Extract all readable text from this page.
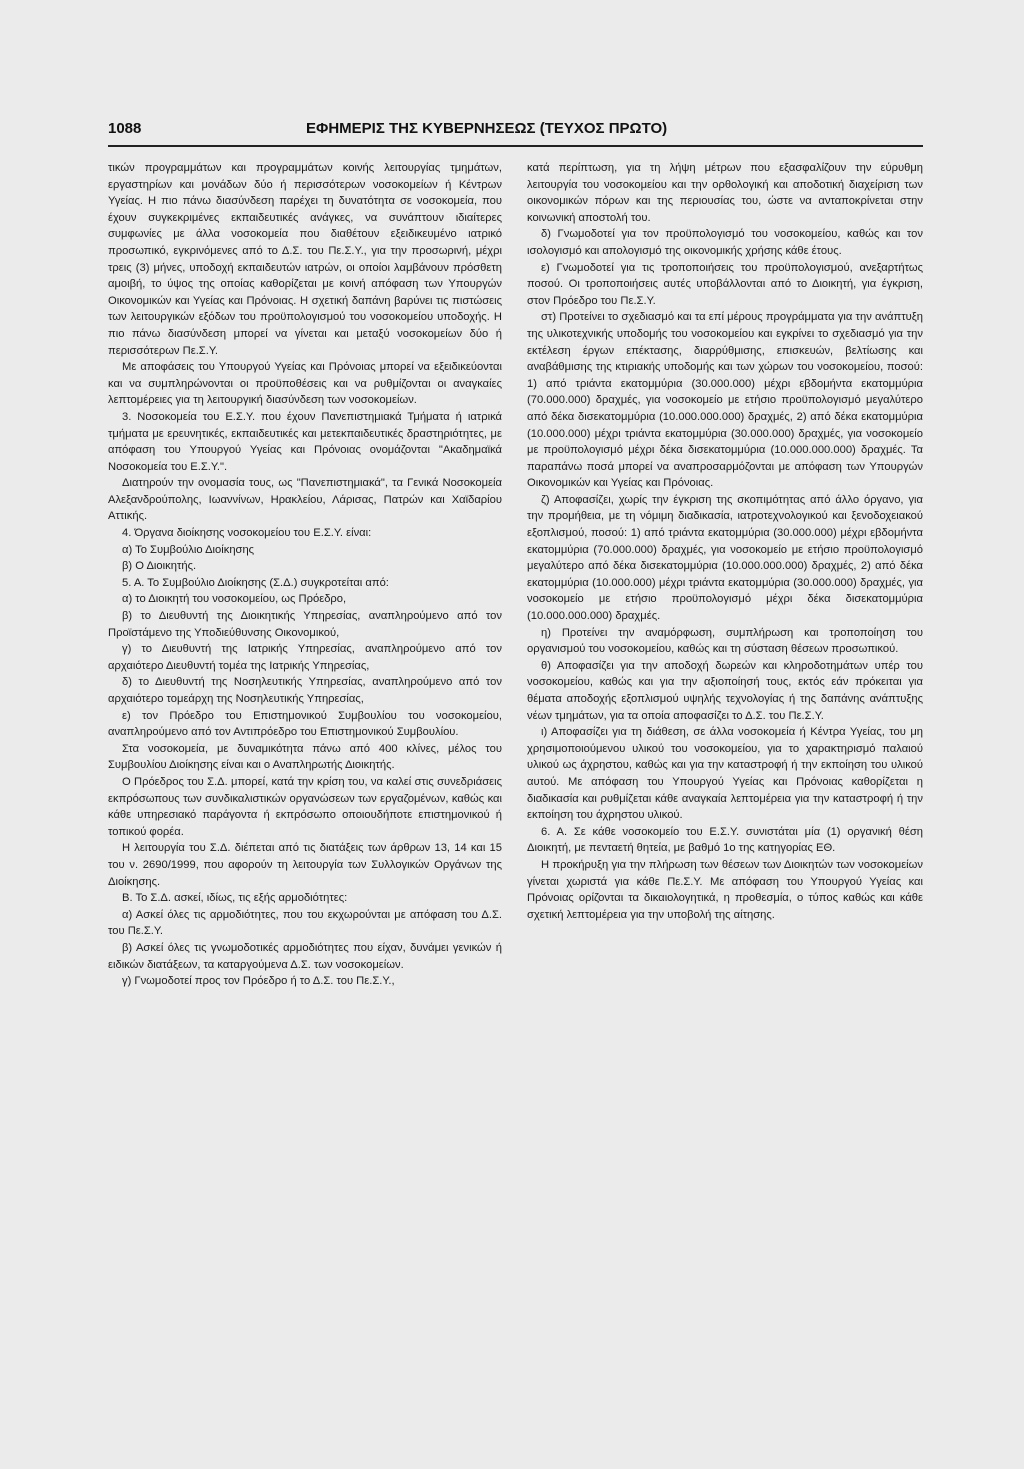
1088	ΕΦΗΜΕΡΙΣ ΤΗΣ ΚΥΒΕΡΝΗΣΕΩΣ (ΤΕΥΧΟΣ ΠΡΩΤΟ)

τικών προγραμμάτων και προγραμμάτων κοινής λειτουργίας τμημάτων, εργαστηρίων και μονάδων δύο ή περισσότερων νοσοκομείων ή Κέντρων Υγείας. Η πιο πάνω διασύνδεση παρέχει τη δυνατότητα σε νοσοκομεία, που έχουν συγκεκριμένες εκπαιδευτικές ανάγκες, να συνάπτουν ιδιαίτερες συμφωνίες με άλλα νοσοκομεία που διαθέτουν εξειδικευμένο ιατρικό προσωπικό, εγκρινόμενες από το Δ.Σ. του Πε.Σ.Υ., για την προσωρινή, μέχρι τρεις (3) μήνες, υποδοχή εκπαιδευτών ιατρών, οι οποίοι λαμβάνουν πρόσθετη αμοιβή, το ύψος της οποίας καθορίζεται με κοινή απόφαση των Υπουργών Οικονομικών και Υγείας και Πρόνοιας. Η σχετική δαπάνη βαρύνει τις πιστώσεις των λειτουργικών εξόδων του προϋπολογισμού του νοσοκομείου υποδοχής. Η πιο πάνω διασύνδεση μπορεί να γίνεται και μεταξύ νοσοκομείων δύο ή περισσότερων Πε.Σ.Υ.

Με αποφάσεις του Υπουργού Υγείας και Πρόνοιας μπορεί να εξειδικεύονται και να συμπληρώνονται οι προϋποθέσεις και να ρυθμίζονται οι αναγκαίες λεπτομέρειες για τη λειτουργική διασύνδεση των νοσοκομείων.

3. Νοσοκομεία του Ε.Σ.Υ. που έχουν Πανεπιστημιακά Τμήματα ή ιατρικά τμήματα με ερευνητικές, εκπαιδευτικές και μετεκπαιδευτικές δραστηριότητες, με απόφαση του Υπουργού Υγείας και Πρόνοιας ονομάζονται "Ακαδημαϊκά Νοσοκομεία του Ε.Σ.Υ.".

Διατηρούν την ονομασία τους, ως "Πανεπιστημιακά", τα Γενικά Νοσοκομεία Αλεξανδρούπολης, Ιωαννίνων, Ηρακλείου, Λάρισας, Πατρών και Χαϊδαρίου Αττικής.

4. Όργανα διοίκησης νοσοκομείου του Ε.Σ.Υ. είναι:

α) Το Συμβούλιο Διοίκησης

β) Ο Διοικητής.

5. Α. Το Συμβούλιο Διοίκησης (Σ.Δ.) συγκροτείται από:

α) το Διοικητή του νοσοκομείου, ως Πρόεδρο,

β) το Διευθυντή της Διοικητικής Υπηρεσίας, αναπληρούμενο από τον Προϊστάμενο της Υποδιεύθυνσης Οικονομικού,

γ) το Διευθυντή της Ιατρικής Υπηρεσίας, αναπληρούμενο από τον αρχαιότερο Διευθυντή τομέα της Ιατρικής Υπηρεσίας,

δ) το Διευθυντή της Νοσηλευτικής Υπηρεσίας, αναπληρούμενο από τον αρχαιότερο τομεάρχη της Νοσηλευτικής Υπηρεσίας,

ε) τον Πρόεδρο του Επιστημονικού Συμβουλίου του νοσοκομείου, αναπληρούμενο από τον Αντιπρόεδρο του Επιστημονικού Συμβουλίου.

Στα νοσοκομεία, με δυναμικότητα πάνω από 400 κλίνες, μέλος του Συμβουλίου Διοίκησης είναι και ο Αναπληρωτής Διοικητής.

Ο Πρόεδρος του Σ.Δ. μπορεί, κατά την κρίση του, να καλεί στις συνεδριάσεις εκπρόσωπους των συνδικαλιστικών οργανώσεων των εργαζομένων, καθώς και κάθε υπηρεσιακό παράγοντα ή εκπρόσωπο οποιουδήποτε επιστημονικού ή τοπικού φορέα.

Η λειτουργία του Σ.Δ. διέπεται από τις διατάξεις των άρθρων 13, 14 και 15 του ν. 2690/1999, που αφορούν τη λειτουργία των Συλλογικών Οργάνων της Διοίκησης.

Β. Το Σ.Δ. ασκεί, ιδίως, τις εξής αρμοδιότητες:

α) Ασκεί όλες τις αρμοδιότητες, που του εκχωρούνται με απόφαση του Δ.Σ. του Πε.Σ.Υ.

β) Ασκεί όλες τις γνωμοδοτικές αρμοδιότητες που είχαν, δυνάμει γενικών ή ειδικών διατάξεων, τα καταργούμενα Δ.Σ. των νοσοκομείων.

γ) Γνωμοδοτεί προς τον Πρόεδρο ή το Δ.Σ. του Πε.Σ.Υ.,

κατά περίπτωση, για τη λήψη μέτρων που εξασφαλίζουν την εύρυθμη λειτουργία του νοσοκομείου και την ορθολογική και αποδοτική διαχείριση των οικονομικών πόρων και της περιουσίας του, ώστε να ανταποκρίνεται στην κοινωνική αποστολή του.

δ) Γνωμοδοτεί για τον προϋπολογισμό του νοσοκομείου, καθώς και τον ισολογισμό και απολογισμό της οικονομικής χρήσης κάθε έτους.

ε) Γνωμοδοτεί για τις τροποποιήσεις του προϋπολογισμού, ανεξαρτήτως ποσού. Οι τροποποιήσεις αυτές υποβάλλονται από το Διοικητή, για έγκριση, στον Πρόεδρο του Πε.Σ.Υ.

στ) Προτείνει το σχεδιασμό και τα επί μέρους προγράμματα για την ανάπτυξη της υλικοτεχνικής υποδομής του νοσοκομείου και εγκρίνει το σχεδιασμό για την εκτέλεση έργων επέκτασης, διαρρύθμισης, επισκευών, βελτίωσης και αναβάθμισης της κτιριακής υποδομής και των χώρων του νοσοκομείου, ποσού: 1) από τριάντα εκατομμύρια (30.000.000) μέχρι εβδομήντα εκατομμύρια (70.000.000) δραχμές, για νοσοκομείο με ετήσιο προϋπολογισμό μεγαλύτερο από δέκα δισεκατομμύρια (10.000.000.000) δραχμές, 2) από δέκα εκατομμύρια (10.000.000) μέχρι τριάντα εκατομμύρια (30.000.000) δραχμές, για νοσοκομείο με προϋπολογισμό μέχρι δέκα δισεκατομμύρια (10.000.000.000) δραχμές. Τα παραπάνω ποσά μπορεί να αναπροσαρμόζονται με απόφαση των Υπουργών Οικονομικών και Υγείας και Πρόνοιας.

ζ) Αποφασίζει, χωρίς την έγκριση της σκοπιμότητας από άλλο όργανο, για την προμήθεια, με τη νόμιμη διαδικασία, ιατροτεχνολογικού και ξενοδοχειακού εξοπλισμού, ποσού: 1) από τριάντα εκατομμύρια (30.000.000) μέχρι εβδομήντα εκατομμύρια (70.000.000) δραχμές, για νοσοκομείο με ετήσιο προϋπολογισμό μεγαλύτερο από δέκα δισεκατομμύρια (10.000.000.000) δραχμές, 2) από δέκα εκατομμύρια (10.000.000) μέχρι τριάντα εκατομμύρια (30.000.000) δραχμές, για νοσοκομείο με ετήσιο προϋπολογισμό μέχρι δέκα δισεκατομμύρια (10.000.000.000) δραχμές.

η) Προτείνει την αναμόρφωση, συμπλήρωση και τροποποίηση του οργανισμού του νοσοκομείου, καθώς και τη σύσταση θέσεων προσωπικού.

θ) Αποφασίζει για την αποδοχή δωρεών και κληροδοτημάτων υπέρ του νοσοκομείου, καθώς και για την αξιοποίησή τους, εκτός εάν πρόκειται για θέματα αποδοχής εξοπλισμού υψηλής τεχνολογίας ή της δαπάνης ανάπτυξης νέων τμημάτων, για τα οποία αποφασίζει το Δ.Σ. του Πε.Σ.Υ.

ι) Αποφασίζει για τη διάθεση, σε άλλα νοσοκομεία ή Κέντρα Υγείας, του μη χρησιμοποιούμενου υλικού του νοσοκομείου, για το χαρακτηρισμό παλαιού υλικού ως άχρηστου, καθώς και για την καταστροφή ή την εκποίηση του υλικού αυτού. Με απόφαση του Υπουργού Υγείας και Πρόνοιας καθορίζεται η διαδικασία και ρυθμίζεται κάθε αναγκαία λεπτομέρεια για την καταστροφή ή την εκποίηση του άχρηστου υλικού.

6. Α. Σε κάθε νοσοκομείο του Ε.Σ.Υ. συνιστάται μία (1) οργανική θέση Διοικητή, με πενταετή θητεία, με βαθμό 1ο της κατηγορίας ΕΘ.

Η προκήρυξη για την πλήρωση των θέσεων των Διοικητών των νοσοκομείων γίνεται χωριστά για κάθε Πε.Σ.Υ. Με απόφαση του Υπουργού Υγείας και Πρόνοιας ορίζονται τα δικαιολογητικά, η προθεσμία, ο τύπος καθώς και κάθε σχετική λεπτομέρεια για την υποβολή της αίτησης.
